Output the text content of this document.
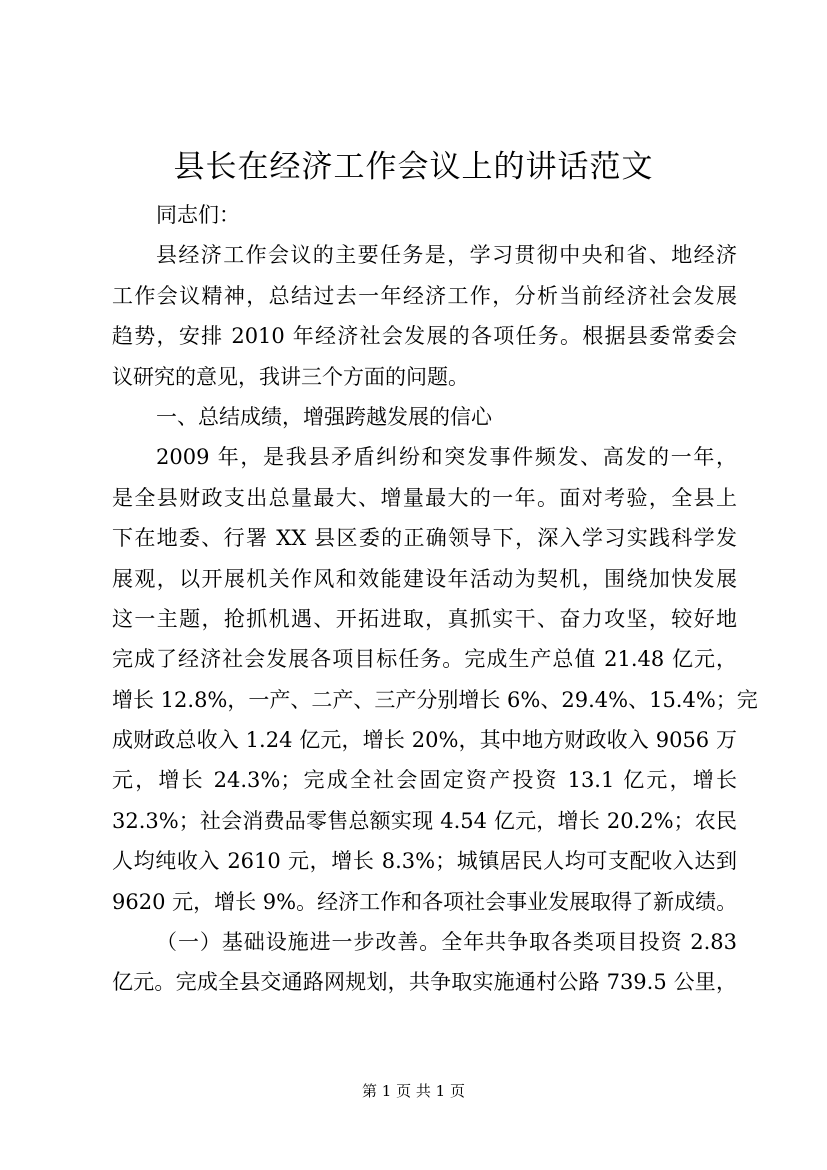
县长在经济工作会议上的讲话范文
同志们：
县经济工作会议的主要任务是，学习贯彻中央和省、地经济
工作会议精神，总结过去一年经济工作，分析当前经济社会发展
趋势，安排 2010 年经济社会发展的各项任务。根据县委常委会
议研究的意见，我讲三个方面的问题。
一、总结成绩，增强跨越发展的信心
2009 年，是我县矛盾纠纷和突发事件频发、高发的一年，
是全县财政支出总量最大、增量最大的一年。面对考验，全县上
下在地委、行署 XX 县区委的正确领导下，深入学习实践科学发
展观，以开展机关作风和效能建设年活动为契机，围绕加快发展
这一主题，抢抓机遇、开拓进取，真抓实干、奋力攻坚，较好地
完成了经济社会发展各项目标任务。完成生产总值 21.48 亿元，
增长 12.8%，一产、二产、三产分别增长 6%、29.4%、15.4%；完
成财政总收入 1.24 亿元，增长 20%，其中地方财政收入 9056 万
元，增长 24.3%；完成全社会固定资产投资 13.1 亿元，增长
32.3%；社会消费品零售总额实现 4.54 亿元，增长 20.2%；农民
人均纯收入 2610 元，增长 8.3%；城镇居民人均可支配收入达到
9620 元，增长 9%。经济工作和各项社会事业发展取得了新成绩。
（一）基础设施进一步改善。全年共争取各类项目投资 2.83
亿元。完成全县交通路网规划，共争取实施通村公路 739.5 公里，
第 1 页 共 1 页
